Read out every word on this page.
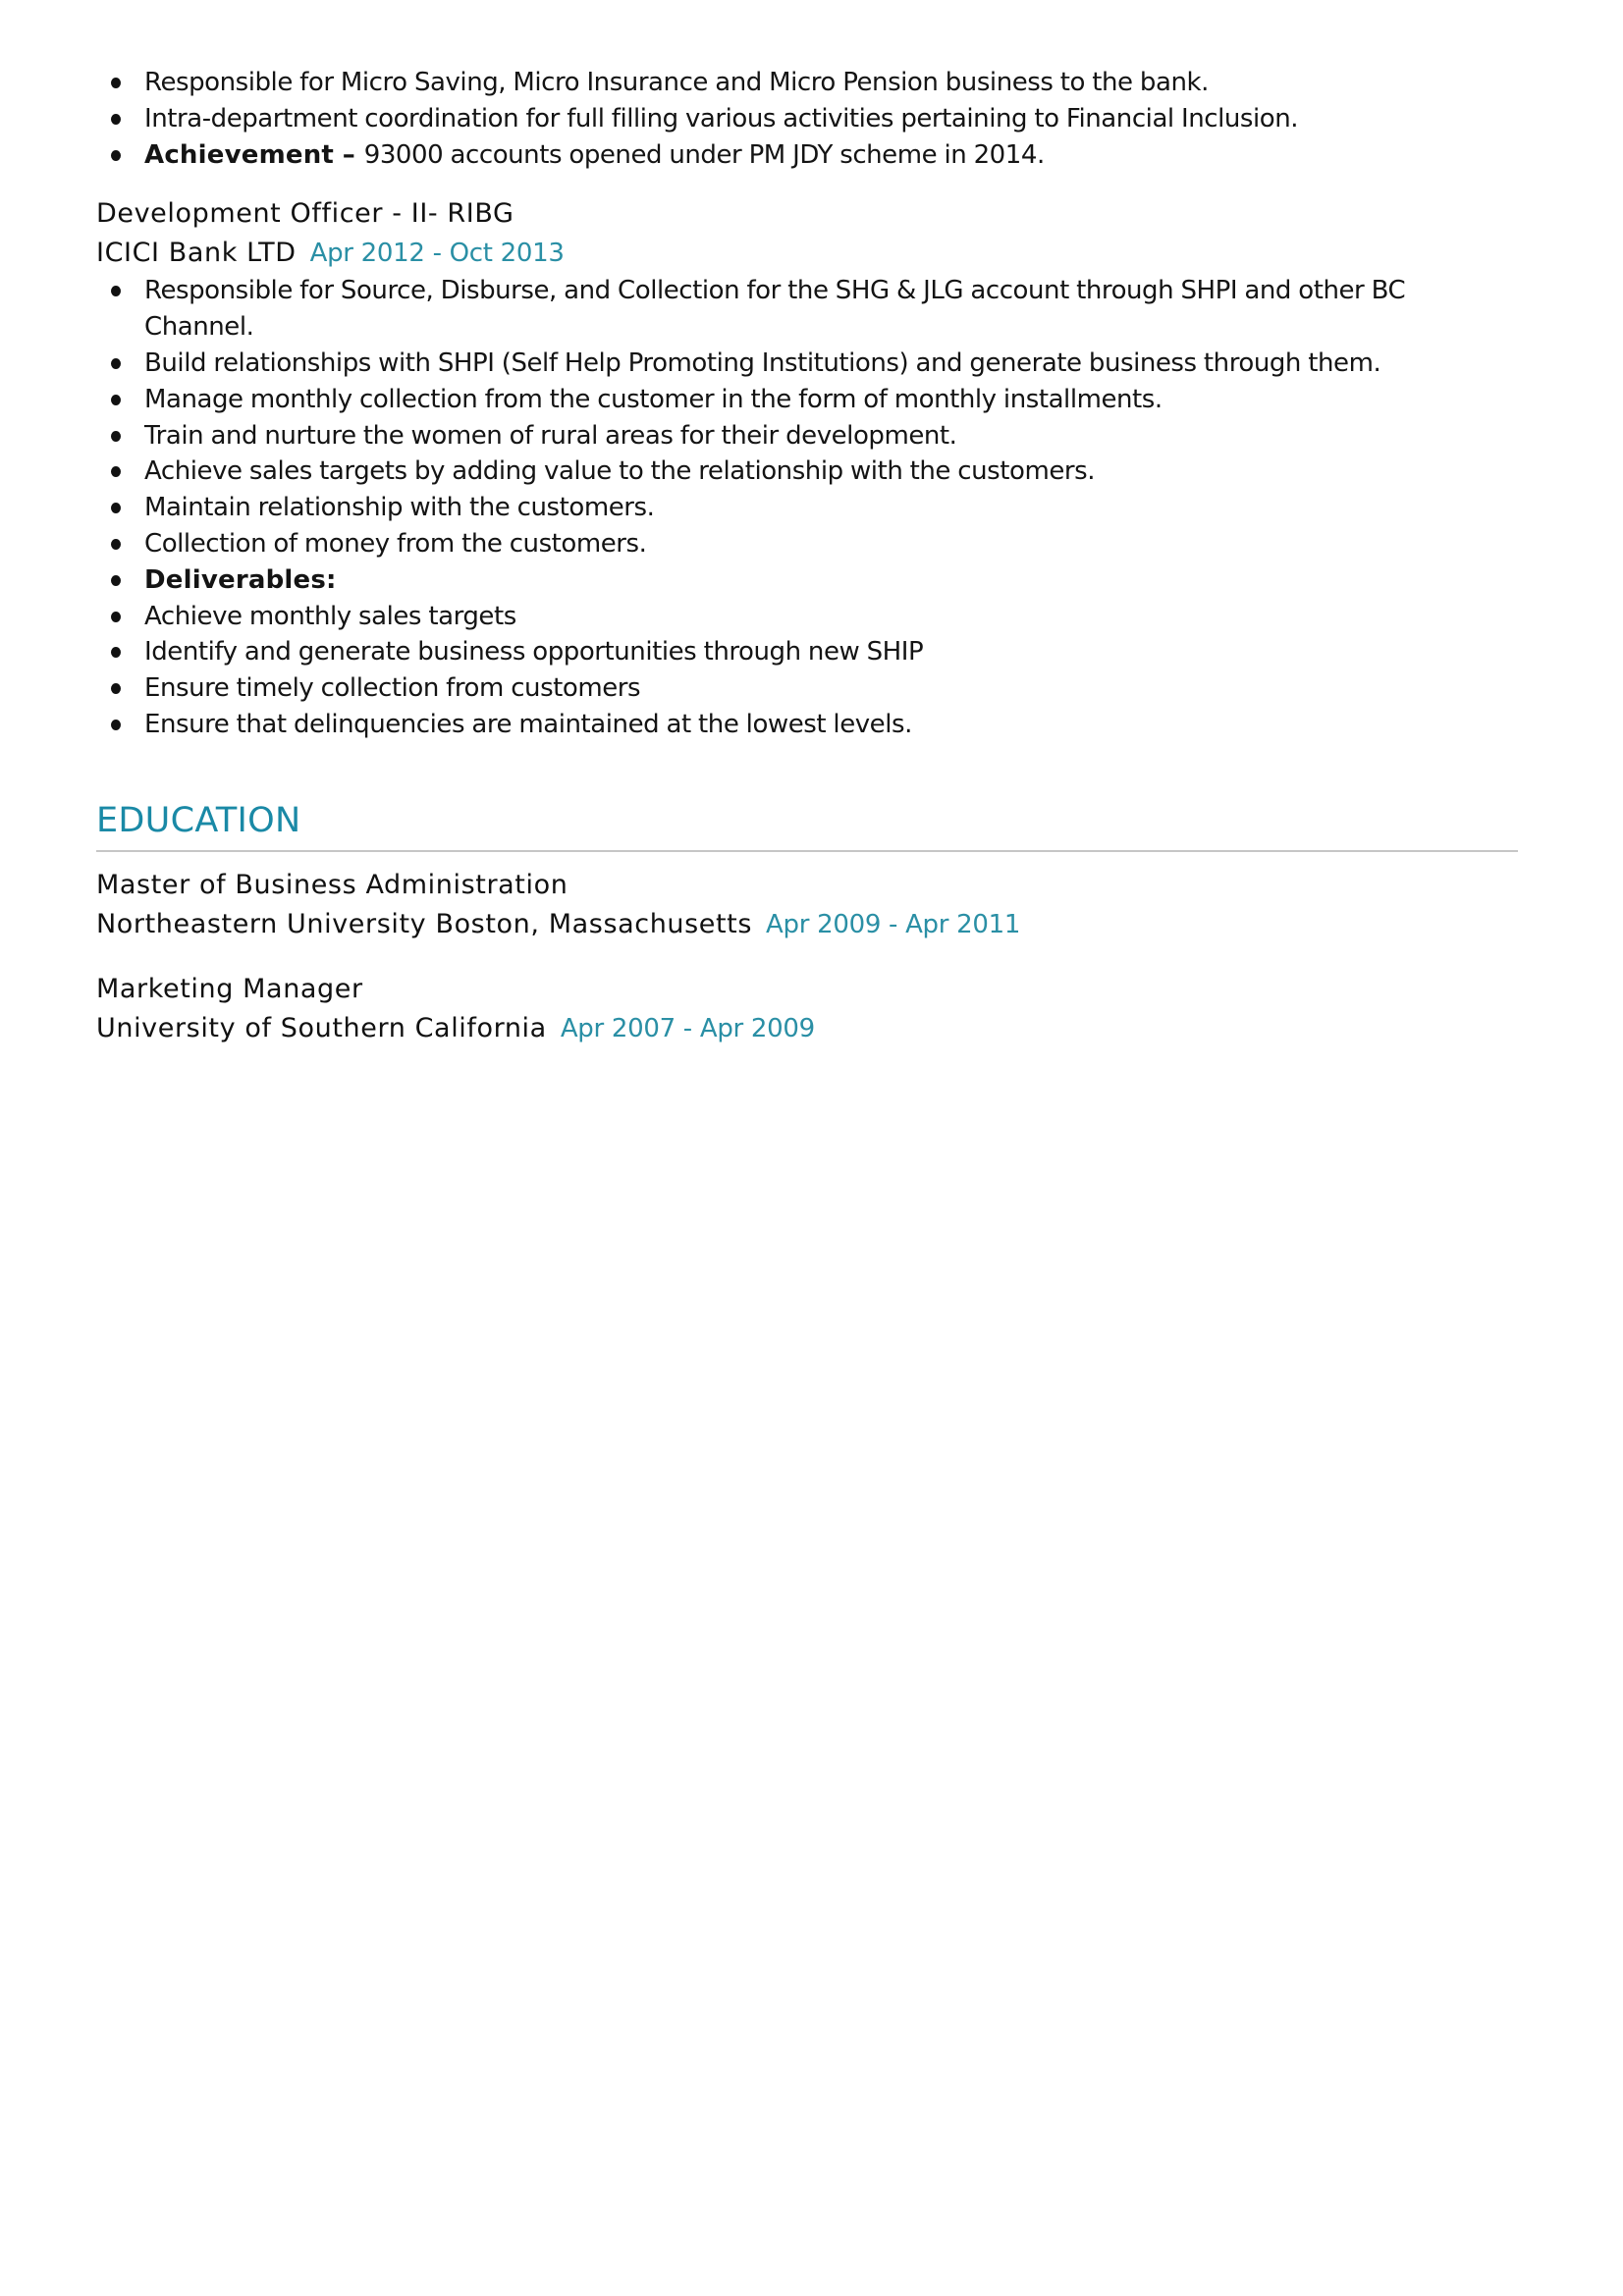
Responsible for Micro Saving, Micro Insurance and Micro Pension business to the bank.
Intra-department coordination for full filling various activities pertaining to Financial Inclusion.
Achievement – 93000 accounts opened under PM JDY scheme in 2014.
Development Officer - II- RIBG
ICICI Bank LTD Apr 2012 - Oct 2013
Responsible for Source, Disburse, and Collection for the SHG & JLG account through SHPI and other BC Channel.
Build relationships with SHPI (Self Help Promoting Institutions) and generate business through them.
Manage monthly collection from the customer in the form of monthly installments.
Train and nurture the women of rural areas for their development.
Achieve sales targets by adding value to the relationship with the customers.
Maintain relationship with the customers.
Collection of money from the customers.
Deliverables:
Achieve monthly sales targets
Identify and generate business opportunities through new SHIP
Ensure timely collection from customers
Ensure that delinquencies are maintained at the lowest levels.
EDUCATION
Master of Business Administration
Northeastern University Boston, Massachusetts Apr 2009 - Apr 2011
Marketing Manager
University of Southern California Apr 2007 - Apr 2009
